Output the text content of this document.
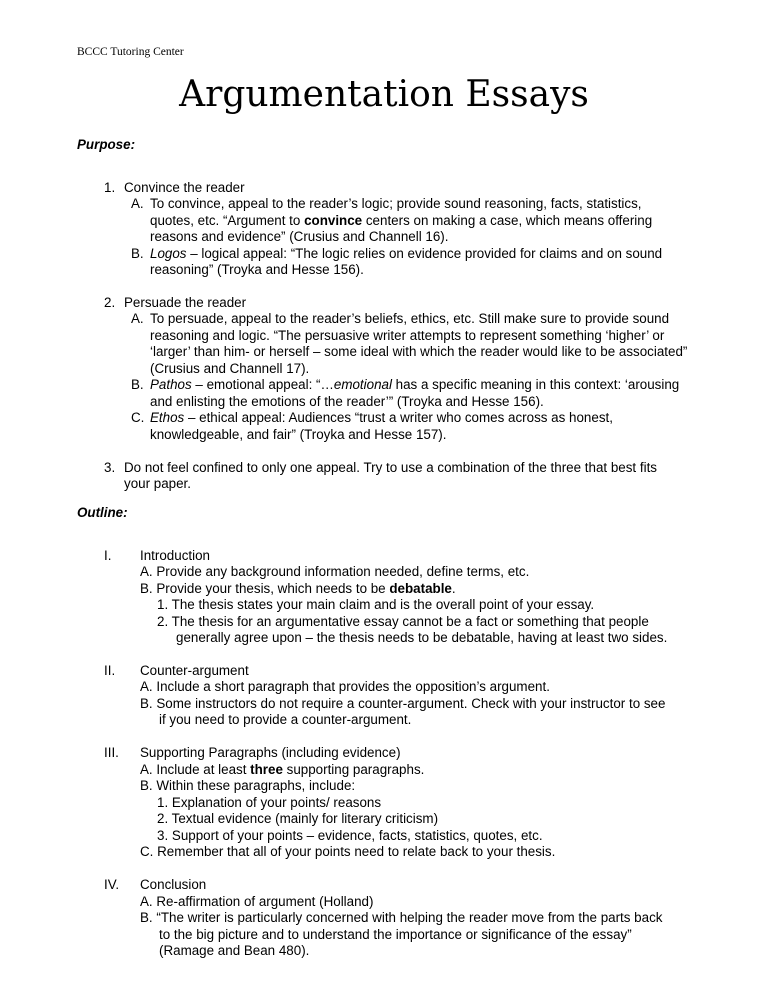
BCCC Tutoring Center
Argumentation Essays
Purpose:
1. Convince the reader
A. To convince, appeal to the reader’s logic; provide sound reasoning, facts, statistics,
quotes, etc. “Argument to convince centers on making a case, which means offering
reasons and evidence” (Crusius and Channell 16).
B. Logos – logical appeal: “The logic relies on evidence provided for claims and on sound
reasoning” (Troyka and Hesse 156).
2. Persuade the reader
A. To persuade, appeal to the reader’s beliefs, ethics, etc. Still make sure to provide sound
reasoning and logic. “The persuasive writer attempts to represent something ‘higher’ or
‘larger’ than him- or herself – some ideal with which the reader would like to be associated”
(Crusius and Channell 17).
B. Pathos – emotional appeal: “…emotional has a specific meaning in this context: ‘arousing
and enlisting the emotions of the reader’” (Troyka and Hesse 156).
C. Ethos – ethical appeal: Audiences “trust a writer who comes across as honest,
knowledgeable, and fair” (Troyka and Hesse 157).
3. Do not feel confined to only one appeal. Try to use a combination of the three that best fits
your paper.
Outline:
I. Introduction
A. Provide any background information needed, define terms, etc.
B. Provide your thesis, which needs to be debatable.
1. The thesis states your main claim and is the overall point of your essay.
2. The thesis for an argumentative essay cannot be a fact or something that people
generally agree upon – the thesis needs to be debatable, having at least two sides.
II. Counter-argument
A. Include a short paragraph that provides the opposition’s argument.
B. Some instructors do not require a counter-argument. Check with your instructor to see
if you need to provide a counter-argument.
III. Supporting Paragraphs (including evidence)
A. Include at least three supporting paragraphs.
B. Within these paragraphs, include:
1. Explanation of your points/ reasons
2. Textual evidence (mainly for literary criticism)
3. Support of your points – evidence, facts, statistics, quotes, etc.
C. Remember that all of your points need to relate back to your thesis.
IV. Conclusion
A. Re-affirmation of argument (Holland)
B. “The writer is particularly concerned with helping the reader move from the parts back
to the big picture and to understand the importance or significance of the essay”
(Ramage and Bean 480).
